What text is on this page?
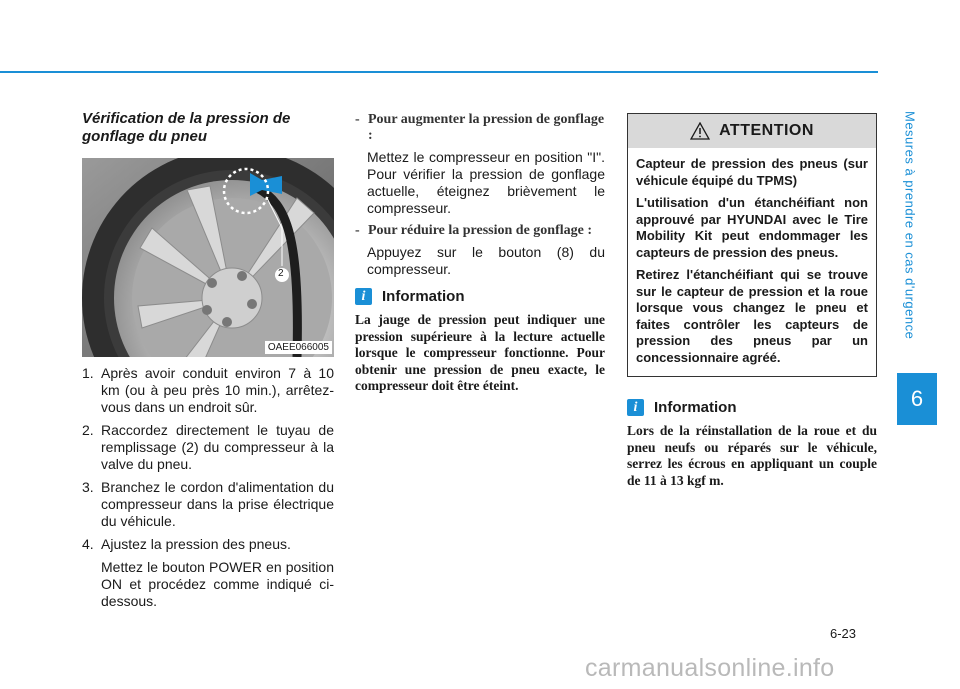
Mesures à prendre en cas d'urgence
6
6-23
carmanualsonline.info
Vérification de la pression de gonflage du pneu
2
OAEE066005
1. Après avoir conduit environ 7 à 10 km (ou à peu près 10 min.), arrêtez-vous dans un endroit sûr.
2. Raccordez directement le tuyau de remplissage (2) du compresseur à la valve du pneu.
3. Branchez le cordon d'alimentation du compresseur dans la prise électrique du véhicule.
4. Ajustez la pression des pneus.
Mettez le bouton POWER en position ON et procédez comme indiqué ci-dessous.
- Pour augmenter la pression de gonflage :
Mettez le compresseur en position "I". Pour vérifier la pression de gonflage actuelle, éteignez brièvement le compresseur.
- Pour réduire la pression de gonflage :
Appuyez sur le bouton (8) du compresseur.
i	Information
La jauge de pression peut indiquer une pression supérieure à la lecture actuelle lorsque le compresseur fonctionne. Pour obtenir une pression de pneu exacte, le compresseur doit être éteint.
ATTENTION

Capteur de pression des pneus (sur véhicule équipé du TPMS)

L'utilisation d'un étanchéifiant non approuvé par HYUNDAI avec le Tire Mobility Kit peut endommager les capteurs de pression des pneus.

Retirez l'étanchéifiant qui se trouve sur le capteur de pression et la roue lorsque vous changez le pneu et faites contrôler les capteurs de pression des pneus par un concessionnaire agréé.

i	Information
Lors de la réinstallation de la roue et du pneu neufs ou réparés sur le véhicule, serrez les écrous en appliquant un couple de 11 à 13 kgf m.
